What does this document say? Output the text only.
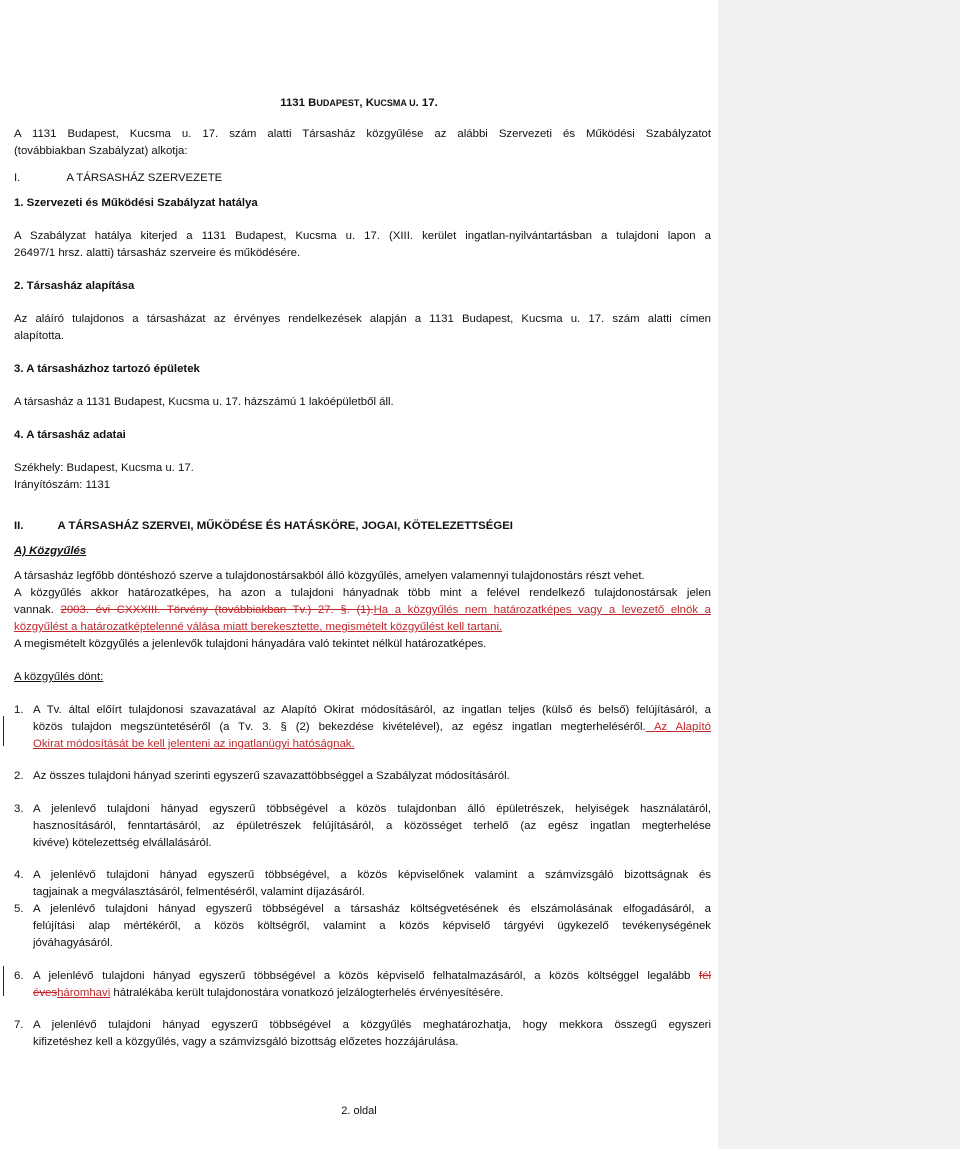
1131 BUDAPEST, KUCSMA U. 17.
A 1131 Budapest, Kucsma u. 17. szám alatti Társasház közgyűlése az alábbi Szervezeti és Működési Szabályzatot
(továbbiakban Szabályzat) alkotja:
I.	A TÁRSASHÁZ SZERVEZETE
1. Szervezeti és Működési Szabályzat hatálya
A Szabályzat hatálya kiterjed a 1131 Budapest, Kucsma u. 17. (XIII. kerület ingatlan-nyilvántartásban a tulajdoni lapon a
26497/1 hrsz. alatti) társasház szerveire és működésére.
2. Társasház alapítása
Az aláíró tulajdonos a társasházat az érvényes rendelkezések alapján a 1131 Budapest, Kucsma u. 17. szám alatti címen
alapította.
3. A társasházhoz tartozó épületek
A társasház a 1131 Budapest, Kucsma u. 17. házszámú 1 lakóépületből áll.
4. A társasház adatai
Székhely: Budapest, Kucsma u. 17.
Irányítószám: 1131
II.	A TÁRSASHÁZ SZERVEI, MŰKÖDÉSE ÉS HATÁSKÖRE, JOGAI, KÖTELEZETTSÉGEI
A) Közgyűlés
A társasház legfőbb döntéshozó szerve a tulajdonostársakból álló közgyűlés, amelyen valamennyi tulajdonostárs részt vehet.
A közgyűlés akkor határozatképes, ha azon a tulajdoni hányadnak több mint a felével rendelkező tulajdonostársak jelen
vannak. 2003. évi CXXXIII. Törvény (továbbiakban Tv.) 27. §. (1).Ha a közgyűlés nem határozatképes vagy a levezető elnök a
közgyűlést a határozatképtelenné válása miatt berekesztette, megismételt közgyűlést kell tartani.
A megismételt közgyűlés a jelenlevők tulajdoni hányadára való tekintet nélkül határozatképes.
A közgyűlés dönt:
1. A Tv. által előírt tulajdonosi szavazatával az Alapító Okirat módosításáról, az ingatlan teljes (külső és belső) felújításáról, a
közös tulajdon megszüntetéséről (a Tv. 3. § (2) bekezdése kivételével), az egész ingatlan megterheléséről. Az Alapító
Okirat módosítását be kell jelenteni az ingatlanügyi hatóságnak.
2. Az összes tulajdoni hányad szerinti egyszerű szavazattöbbséggel a Szabályzat módosításáról.
3. A jelenlevő tulajdoni hányad egyszerű többségével a közös tulajdonban álló épületrészek, helyiségek használatáról,
hasznosításáról, fenntartásáról, az épületrészek felújításáról, a közösséget terhelő (az egész ingatlan megterhelése
kivéve) kötelezettség elvállalásáról.
4. A jelenlévő tulajdoni hányad egyszerű többségével, a közös képviselőnek valamint a számvizsgáló bizottságnak és
tagjainak a megválasztásáról, felmentéséről, valamint díjazásáról.
5. A jelenlévő tulajdoni hányad egyszerű többségével a társasház költségvetésének és elszámolásának elfogadásáról, a
felújítási alap mértékéről, a közös költségről, valamint a közös képviselő tárgyévi ügykezelő tevékenységének
jóváhagyásáról.
6. A jelenlévő tulajdoni hányad egyszerű többségével a közös képviselő felhatalmazásáról, a közös költséggel legalább fél
évesháromhavi hátralékába került tulajdonostára vonatkozó jelzálogterhelés érvényesítésére.
7. A jelenlévő tulajdoni hányad egyszerű többségével a közgyűlés meghatározhatja, hogy mekkora összegű egyszeri
kifizetéshez kell a közgyűlés, vagy a számvizsgáló bizottság előzetes hozzájárulása.
2. oldal
